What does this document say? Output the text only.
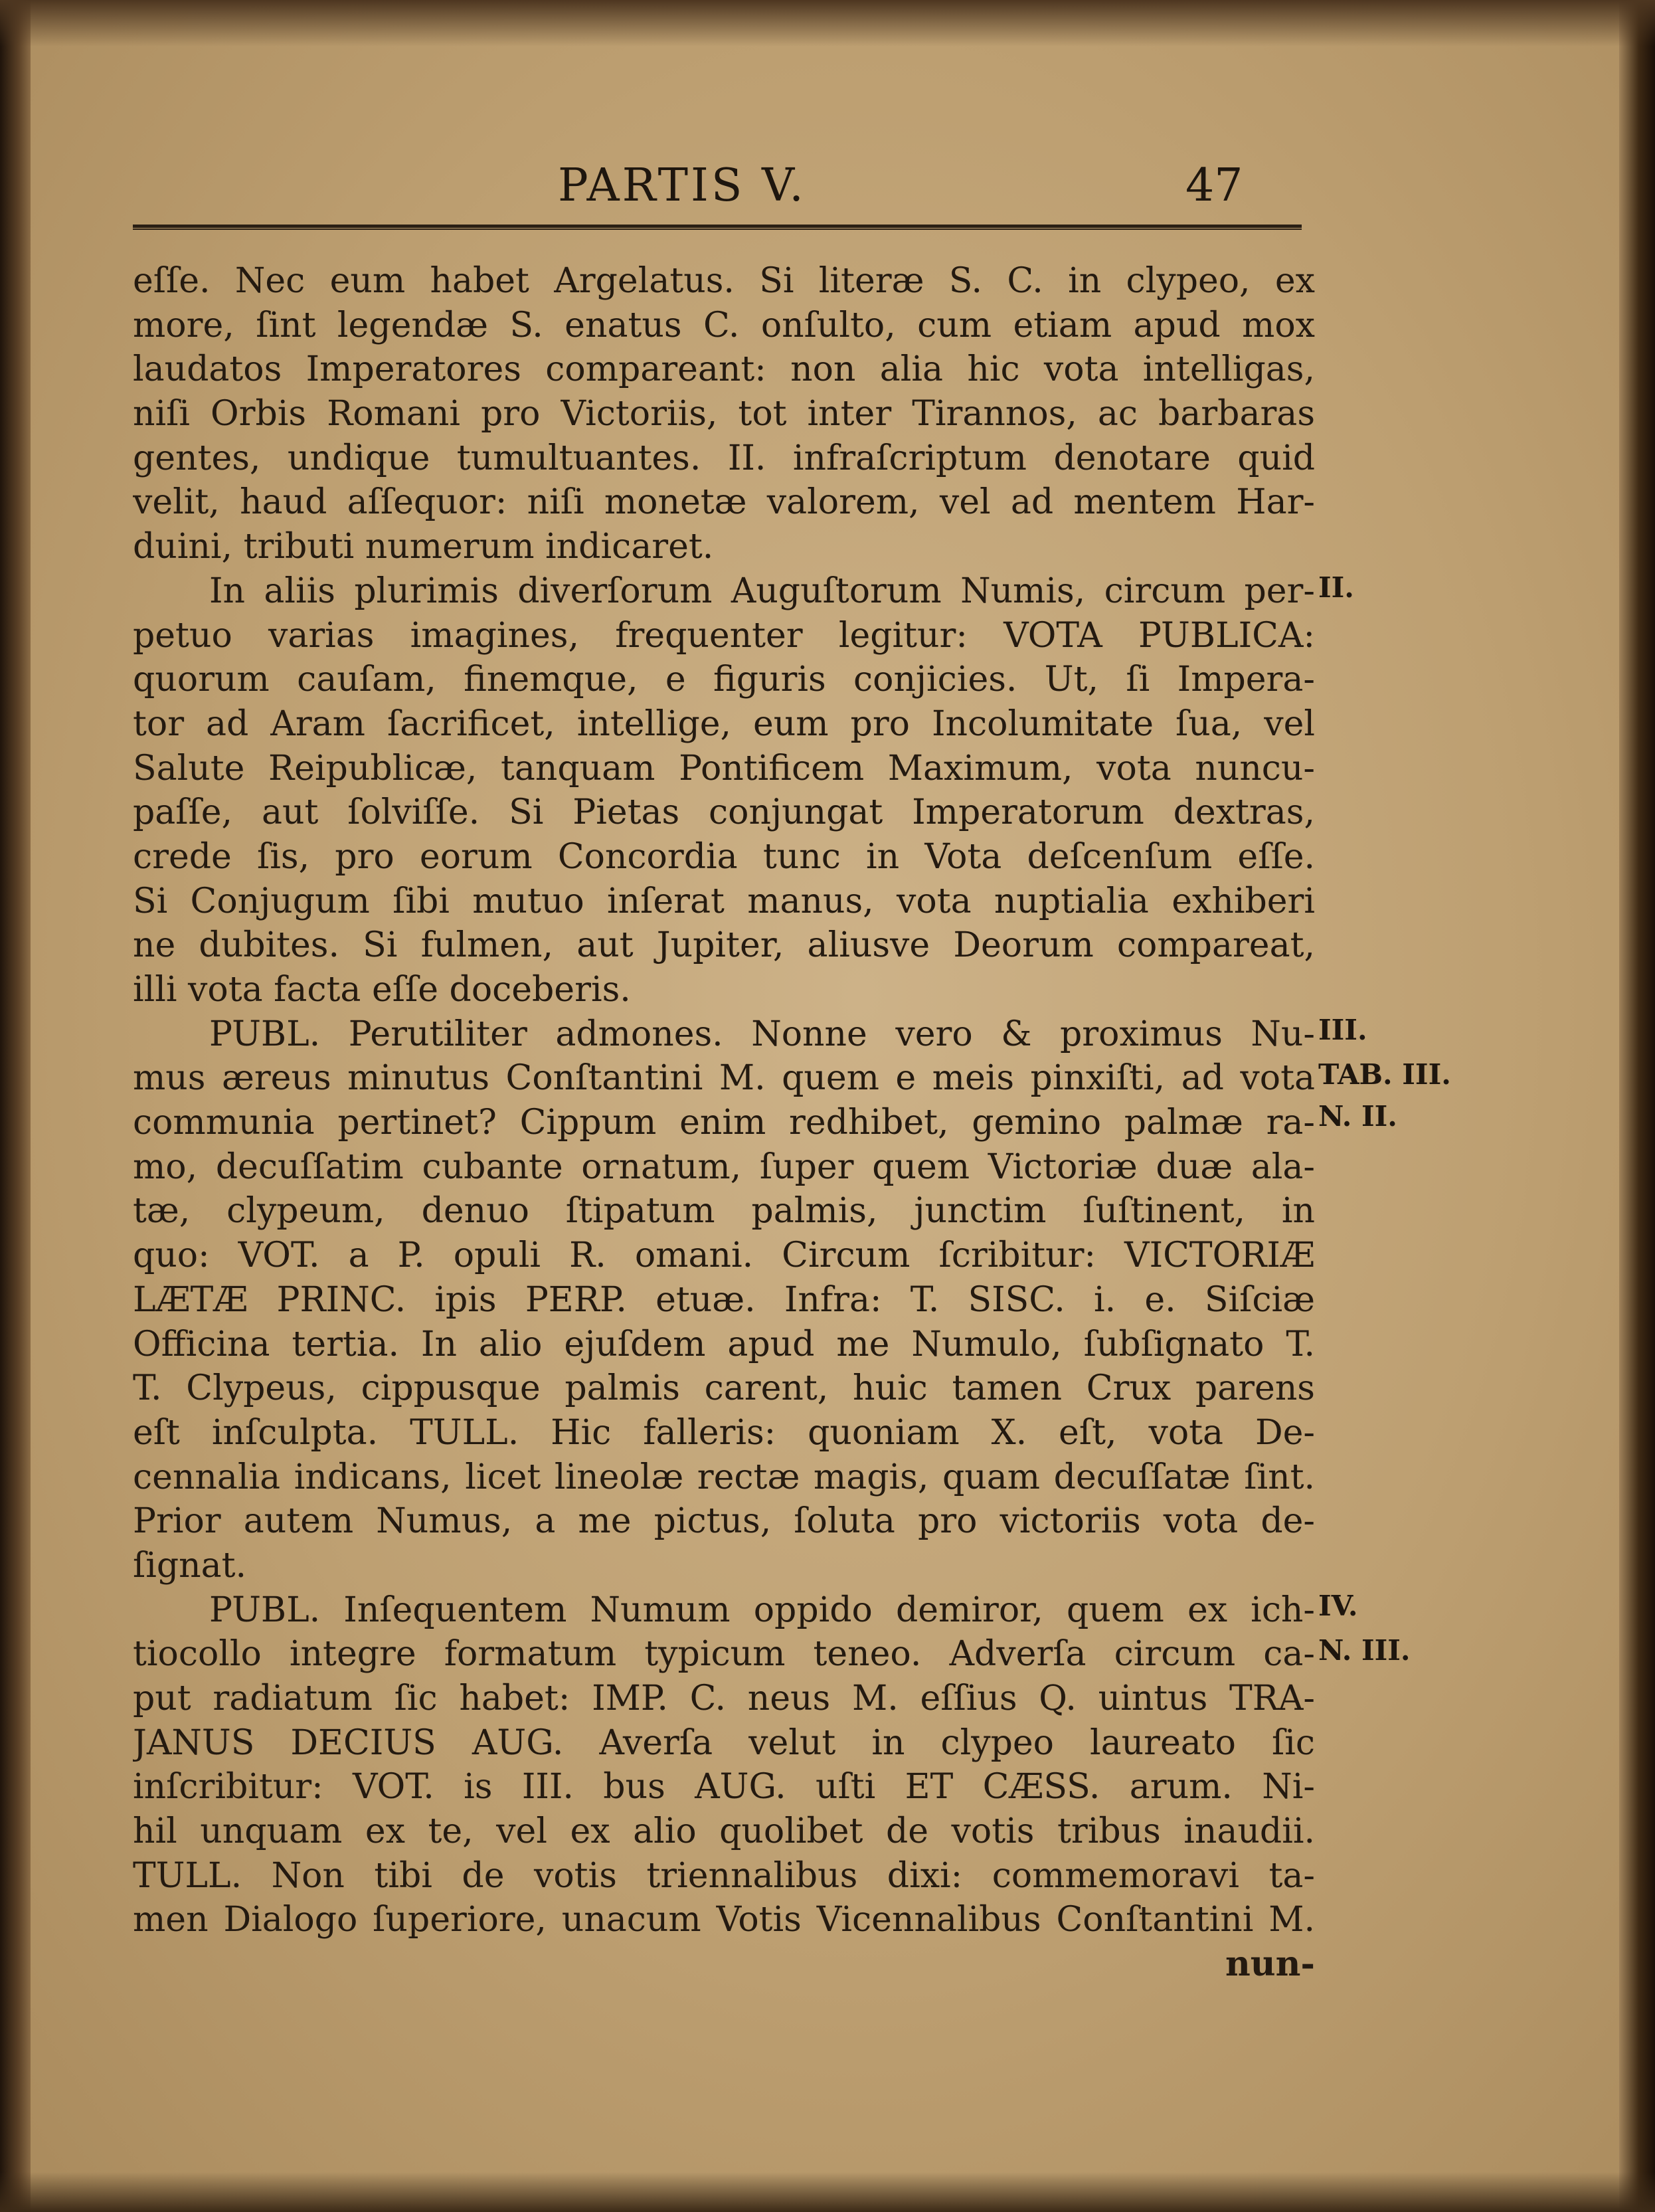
PARTIS V.	47
eſſe. Nec eum habet Argelatus. Si literæ S. C. in clypeo, ex
more, ſint legendæ S. enatus C. onſulto, cum etiam apud mox
laudatos Imperatores compareant: non alia hic vota intelligas,
niſi Orbis Romani pro Victoriis, tot inter Tirannos, ac barbaras
gentes, undique tumultuantes. II. infraſcriptum denotare quid
velit, haud aſſequor: niſi monetæ valorem, vel ad mentem Har-
duini, tributi numerum indicaret.
In aliis plurimis diverſorum Auguſtorum Numis, circum per-
petuo varias imagines, frequenter legitur: VOTA PUBLICA:
quorum cauſam, finemque, e figuris conjicies. Ut, ſi Impera-
tor ad Aram ſacrificet, intellige, eum pro Incolumitate ſua, vel
Salute Reipublicæ, tanquam Pontificem Maximum, vota nuncu-
paſſe, aut ſolviſſe. Si Pietas conjungat Imperatorum dextras,
crede ſis, pro eorum Concordia tunc in Vota deſcenſum eſſe.
Si Conjugum ſibi mutuo inſerat manus, vota nuptialia exhiberi
ne dubites. Si fulmen, aut Jupiter, aliusve Deorum compareat,
illi vota facta eſſe doceberis.
PUBL. Perutiliter admones. Nonne vero & proximus Nu-
mus æreus minutus Conſtantini M. quem e meis pinxiſti, ad vota
communia pertinet? Cippum enim redhibet, gemino palmæ ra-
mo, decuſſatim cubante ornatum, ſuper quem Victoriæ duæ ala-
tæ, clypeum, denuo ſtipatum palmis, junctim ſuſtinent, in
quo: VOT. a P. opuli R. omani. Circum ſcribitur: VICTORIÆ
LÆTÆ PRINC. ipis PERP. etuæ. Infra: T. SISC. i. e. Siſciæ
Officina tertia. In alio ejuſdem apud me Numulo, ſubſignato T.
T. Clypeus, cippusque palmis carent, huic tamen Crux parens
eſt inſculpta. TULL. Hic falleris: quoniam X. eſt, vota De-
cennalia indicans, licet lineolæ rectæ magis, quam decuſſatæ ſint.
Prior autem Numus, a me pictus, ſoluta pro victoriis vota de-
ſignat.
PUBL. Inſequentem Numum oppido demiror, quem ex ich-
tiocollo integre formatum typicum teneo. Adverſa circum ca-
put radiatum ſic habet: IMP. C. neus M. eſſius Q. uintus TRA-
JANUS DECIUS AUG. Averſa velut in clypeo laureato ſic
inſcribitur: VOT. is III. bus AUG. uſti ET CÆSS. arum. Ni-
hil unquam ex te, vel ex alio quolibet de votis tribus inaudii.
TULL. Non tibi de votis triennalibus dixi: commemoravi ta-
men Dialogo ſuperiore, unacum Votis Vicennalibus Conſtantini M.
nun-
II.
III.
TAB. III.
N. II.
IV.
N. III.
